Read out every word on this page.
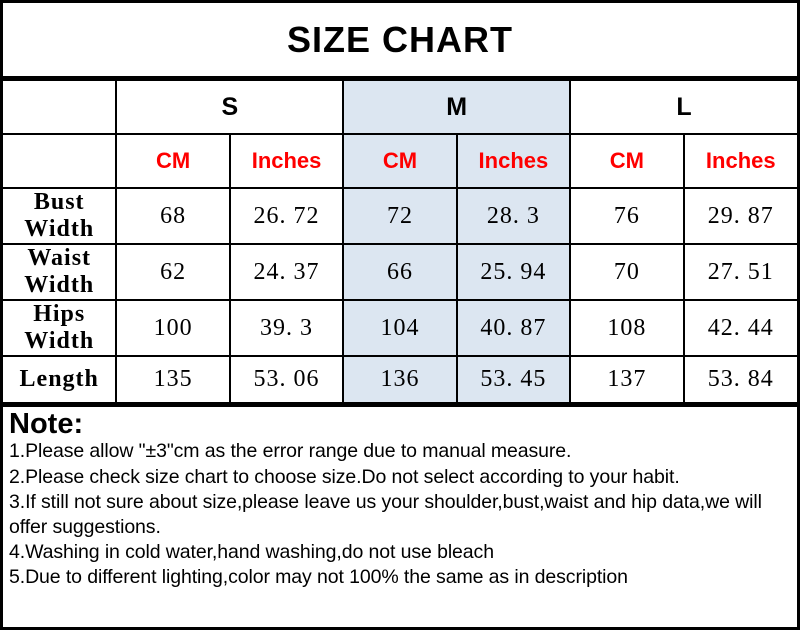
SIZE CHART
	S		M		L	
	CM	Inches	CM	Inches	CM	Inches
Bust Width	68	26. 72	72	28. 3	76	29. 87
Waist Width	62	24. 37	66	25. 94	70	27. 51
Hips Width	100	39. 3	104	40. 87	108	42. 44
Length	135	53. 06	136	53. 45	137	53. 84
Note:

1.Please allow "±3"cm as the error range due to manual measure.

2.Please check size chart to choose size.Do not select according to your habit.

3.If still not sure about size,please leave us your shoulder,bust,waist and hip data,we will offer suggestions.

4.Washing in cold water,hand washing,do not use bleach

5.Due to different lighting,color may not 100% the same as in description
